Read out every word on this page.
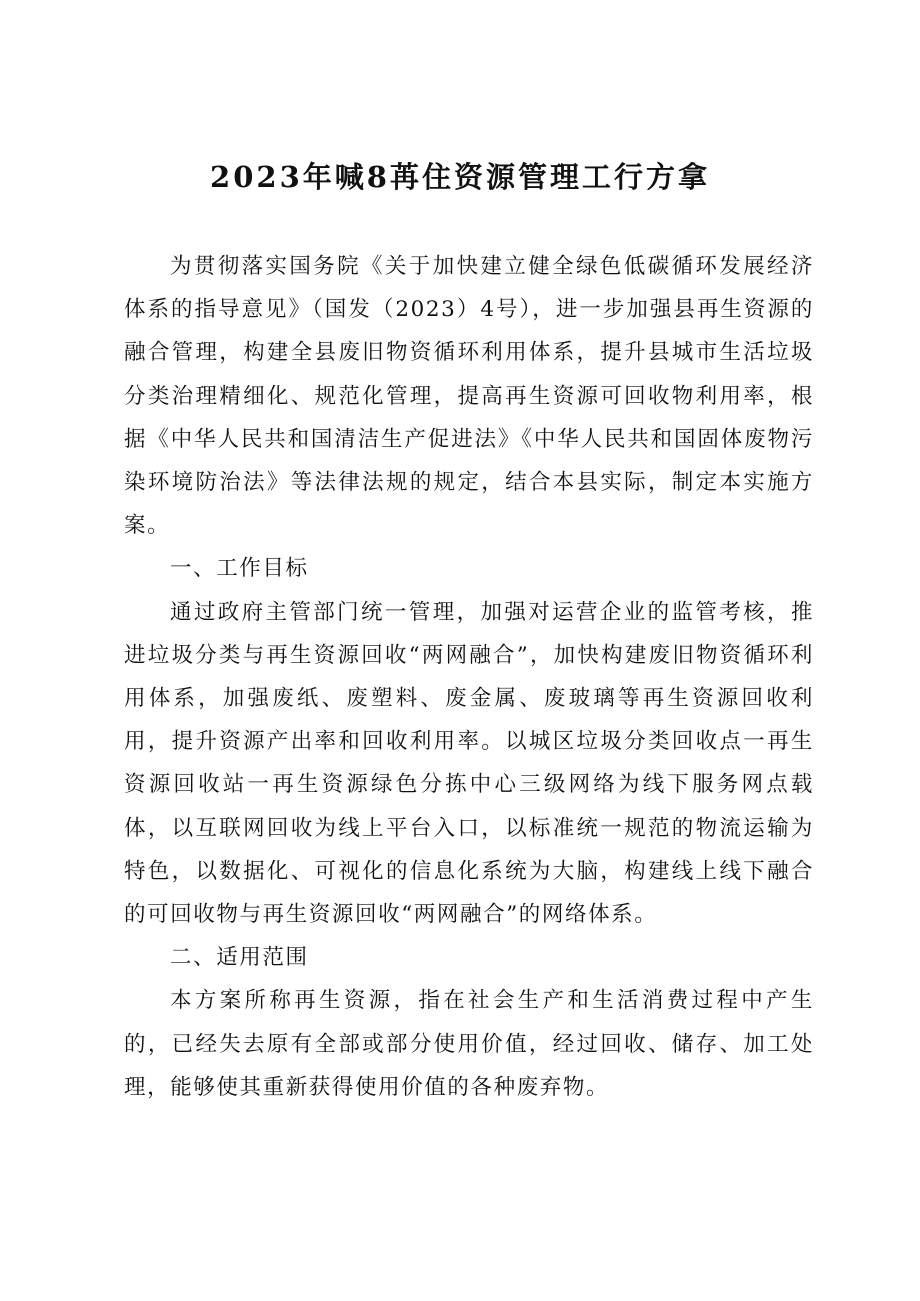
2023年喊8苒住资源管理工行方拿

为贯彻落实国务院《关于加快建立健全绿色低碳循环发展经济体系的指导意见》（国发（2023）4号），进一步加强县再生资源的融合管理，构建全县废旧物资循环利用体系，提升县城市生活垃圾分类治理精细化、规范化管理，提高再生资源可回收物利用率，根据《中华人民共和国清洁生产促进法》《中华人民共和国固体废物污染环境防治法》等法律法规的规定，结合本县实际，制定本实施方案。

一、工作目标

通过政府主管部门统一管理，加强对运营企业的监管考核，推进垃圾分类与再生资源回收“两网融合”，加快构建废旧物资循环利用体系，加强废纸、废塑料、废金属、废玻璃等再生资源回收利用，提升资源产出率和回收利用率。以城区垃圾分类回收点一再生资源回收站一再生资源绿色分拣中心三级网络为线下服务网点载体，以互联网回收为线上平台入口，以标准统一规范的物流运输为特色，以数据化、可视化的信息化系统为大脑，构建线上线下融合的可回收物与再生资源回收“两网融合”的网络体系。

二、适用范围

本方案所称再生资源，指在社会生产和生活消费过程中产生的，已经失去原有全部或部分使用价值，经过回收、储存、加工处理，能够使其重新获得使用价值的各种废弃物。
